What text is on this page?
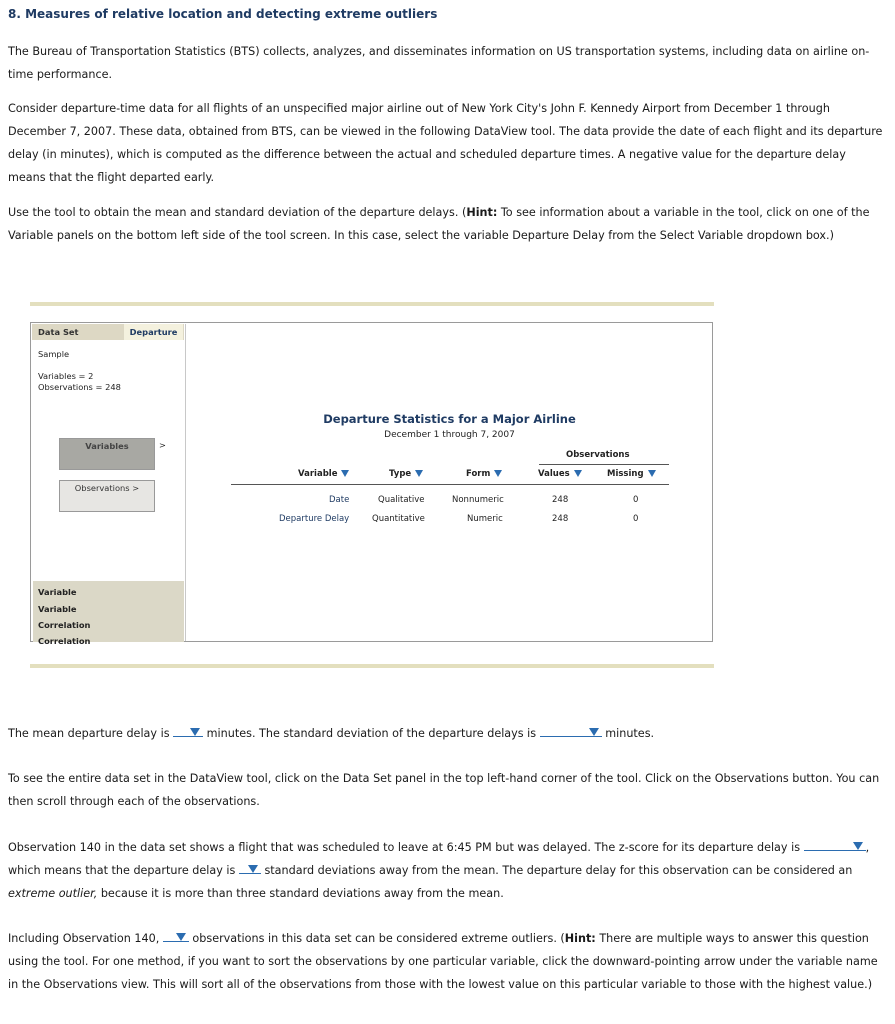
8. Measures of relative location and detecting extreme outliers

The Bureau of Transportation Statistics (BTS) collects, analyzes, and disseminates information on US transportation systems, including data on airline on-time performance.

Consider departure-time data for all flights of an unspecified major airline out of New York City's John F. Kennedy Airport from December 1 through December 7, 2007. These data, obtained from BTS, can be viewed in the following DataView tool. The data provide the date of each flight and its departure delay (in minutes), which is computed as the difference between the actual and scheduled departure times. A negative value for the departure delay means that the flight departed early.

Use the tool to obtain the mean and standard deviation of the departure delays. (Hint: To see information about a variable in the tool, click on one of the Variable panels on the bottom left side of the tool screen. In this case, select the variable Departure Delay from the Select Variable dropdown box.)

Data Set	Departure
Sample
Variables = 2
Observations = 248
Variables	>
Observations >
Variable
Variable
Correlation
Correlation
Departure Statistics for a Major Airline
December 1 through 7, 2007
Observations
Variable	Type	Form	Values	Missing
Date	Qualitative	Nonnumeric	248	0
Departure Delay	Quantitative	Numeric	248	0

The mean departure delay is	minutes. The standard deviation of the departure delays is	minutes.

To see the entire data set in the DataView tool, click on the Data Set panel in the top left-hand corner of the tool. Click on the Observations button. You can then scroll through each of the observations.

Observation 140 in the data set shows a flight that was scheduled to leave at 6:45 PM but was delayed. The z-score for its departure delay is	, which means that the departure delay is	standard deviations away from the mean. The departure delay for this observation can be considered an extreme outlier, because it is more than three standard deviations away from the mean.

Including Observation 140,	observations in this data set can be considered extreme outliers. (Hint: There are multiple ways to answer this question using the tool. For one method, if you want to sort the observations by one particular variable, click the downward-pointing arrow under the variable name in the Observations view. This will sort all of the observations from those with the lowest value on this particular variable to those with the highest value.)
